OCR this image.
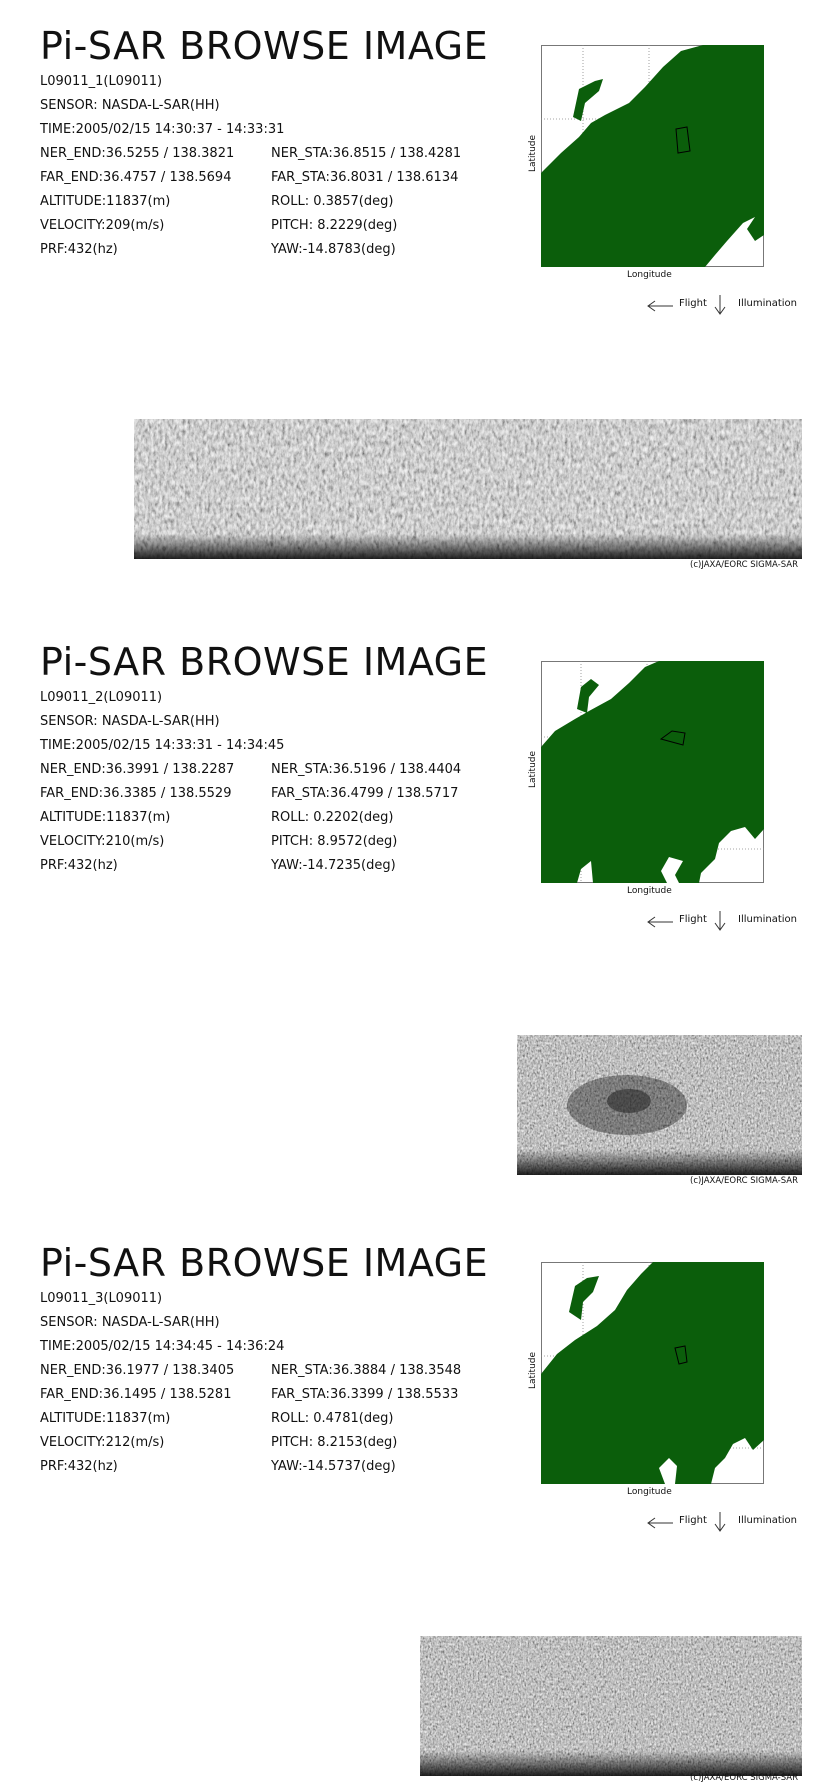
Pi-SAR BROWSE IMAGE
L09011_1(L09011)
SENSOR: NASDA-L-SAR(HH)
TIME:2005/02/15 14:30:37 - 14:33:31
NER_END:36.5255 / 138.3821	NER_STA:36.8515 / 138.4281
FAR_END:36.4757 / 138.5694	FAR_STA:36.8031 / 138.6134
ALTITUDE:11837(m)	ROLL: 0.3857(deg)
VELOCITY:209(m/s)	PITCH: 8.2229(deg)
PRF:432(hz)	YAW:-14.8783(deg)
Latitude
Longitude
Flight	Illumination
(c)JAXA/EORC SIGMA-SAR
Pi-SAR BROWSE IMAGE
L09011_2(L09011)
SENSOR: NASDA-L-SAR(HH)
TIME:2005/02/15 14:33:31 - 14:34:45
NER_END:36.3991 / 138.2287	NER_STA:36.5196 / 138.4404
FAR_END:36.3385 / 138.5529	FAR_STA:36.4799 / 138.5717
ALTITUDE:11837(m)	ROLL: 0.2202(deg)
VELOCITY:210(m/s)	PITCH: 8.9572(deg)
PRF:432(hz)	YAW:-14.7235(deg)
Latitude
Longitude
Flight	Illumination
(c)JAXA/EORC SIGMA-SAR
Pi-SAR BROWSE IMAGE
L09011_3(L09011)
SENSOR: NASDA-L-SAR(HH)
TIME:2005/02/15 14:34:45 - 14:36:24
NER_END:36.1977 / 138.3405	NER_STA:36.3884 / 138.3548
FAR_END:36.1495 / 138.5281	FAR_STA:36.3399 / 138.5533
ALTITUDE:11837(m)	ROLL: 0.4781(deg)
VELOCITY:212(m/s)	PITCH: 8.2153(deg)
PRF:432(hz)	YAW:-14.5737(deg)
Latitude
Longitude
Flight	Illumination
(c)JAXA/EORC SIGMA-SAR
